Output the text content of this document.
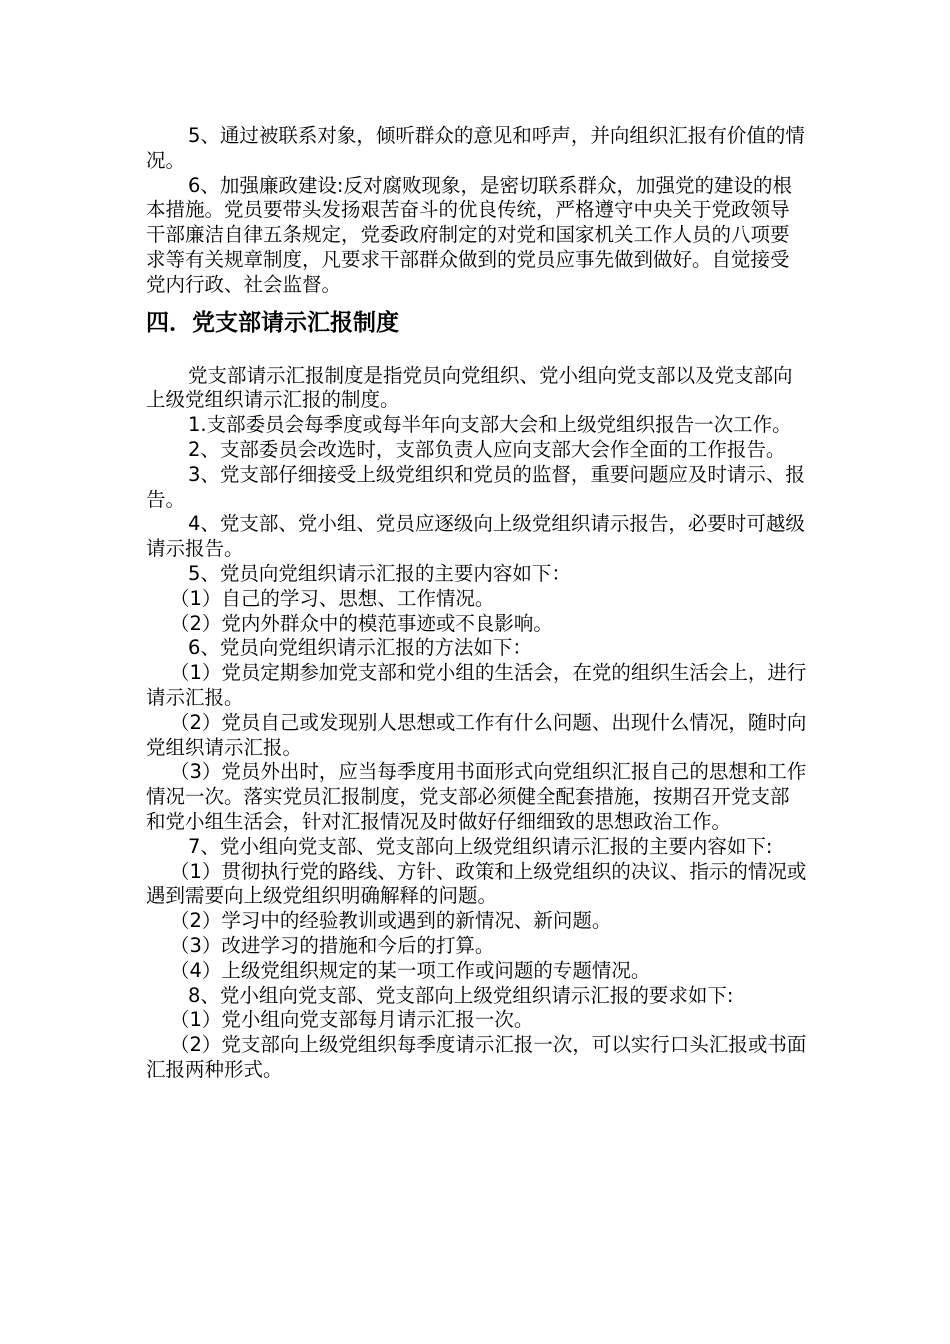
5、通过被联系对象，倾听群众的意见和呼声，并向组织汇报有价值的情况。

6、加强廉政建设:反对腐败现象，是密切联系群众，加强党的建设的根本措施。党员要带头发扬艰苦奋斗的优良传统，严格遵守中央关于党政领导干部廉洁自律五条规定，党委政府制定的对党和国家机关工作人员的八项要求等有关规章制度，凡要求干部群众做到的党员应事先做到做好。自觉接受党内行政、社会监督。

四．党支部请示汇报制度

党支部请示汇报制度是指党员向党组织、党小组向党支部以及党支部向上级党组织请示汇报的制度。

1.支部委员会每季度或每半年向支部大会和上级党组织报告一次工作。

2、支部委员会改选时，支部负责人应向支部大会作全面的工作报告。

3、党支部仔细接受上级党组织和党员的监督，重要问题应及时请示、报告。

4、党支部、党小组、党员应逐级向上级党组织请示报告，必要时可越级请示报告。

5、党员向党组织请示汇报的主要内容如下：

（1）自己的学习、思想、工作情况。

（2）党内外群众中的模范事迹或不良影响。

6、党员向党组织请示汇报的方法如下：

（1）党员定期参加党支部和党小组的生活会，在党的组织生活会上，进行请示汇报。

（2）党员自己或发现别人思想或工作有什么问题、出现什么情况，随时向党组织请示汇报。

（3）党员外出时，应当每季度用书面形式向党组织汇报自己的思想和工作情况一次。落实党员汇报制度，党支部必须健全配套措施，按期召开党支部和党小组生活会，针对汇报情况及时做好仔细细致的思想政治工作。

7、党小组向党支部、党支部向上级党组织请示汇报的主要内容如下:

（1）贯彻执行党的路线、方针、政策和上级党组织的决议、指示的情况或遇到需要向上级党组织明确解释的问题。

（2）学习中的经验教训或遇到的新情况、新问题。

（3）改进学习的措施和今后的打算。

（4）上级党组织规定的某一项工作或问题的专题情况。

8、党小组向党支部、党支部向上级党组织请示汇报的要求如下:

（1）党小组向党支部每月请示汇报一次。

（2）党支部向上级党组织每季度请示汇报一次，可以实行口头汇报或书面汇报两种形式。
